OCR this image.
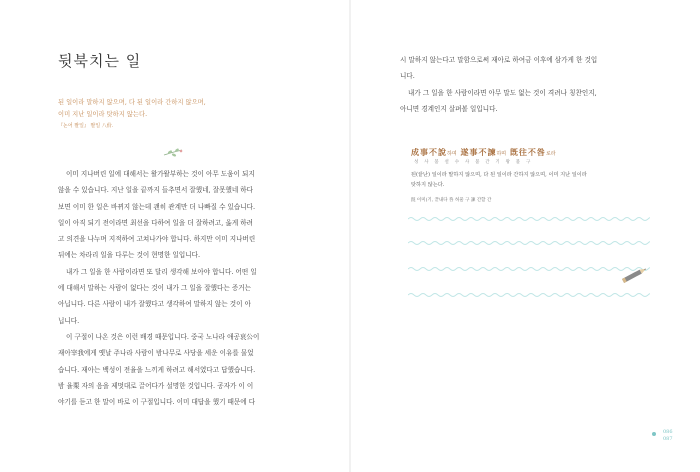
뒷북치는 일
된 일이라 말하지 않으며, 다 된 일이라 간하지 않으며,
이미 지난 일이라 탓하지 않는다.
『논어 팔일』 팔일 八佾.

이미 지나버린 일에 대해서는 왈가왈부하는 것이 아무 도움이 되지

않을 수 있습니다. 지난 일을 끝까지 들추면서 잘했네, 잘못했네 하다

보면 이미 한 일은 바뀌지 않는데 괜히 관계만 더 나빠질 수 있습니다.

일이 아직 되기 전이라면 최선을 다하여 일을 더 잘하려고, 옳게 하려

고 의견을 나누며 지적하여 고쳐나가야 합니다. 하지만 이미 지나버린

뒤에는 차라리 일을 다루는 것이 현명한 일입니다.

내가 그 일을 한 사람이라면 또 달리 생각해 보아야 합니다. 어떤 일

에 대해서 말하는 사람이 없다는 것이 내가 그 일을 잘했다는 증거는

아닙니다. 다른 사람이 내가 잘했다고 생각하여 말하지 않는 것이 아

닙니다.

이 구절이 나온 것은 이런 배경 때문입니다. 중국 노나라 애공哀公이

재아宰我에게 옛날 주나라 사람이 밤나무로 사당을 세운 이유를 물었

습니다. 재아는 백성이 전율을 느끼게 하려고 해서였다고 답했습니다.

밤 율栗 자의 음을 제멋대로 끌어다가 설명한 것입니다. 공자가 이 이

야기를 듣고 한 말이 바로 이 구절입니다. 이미 대답을 했기 때문에 다

시 말하지 않는다고 말함으로써 재아로 하여금 이후에 삼가게 한 것입

니다.

내가 그 일을 한 사람이라면 아무 말도 없는 것이 격려나 칭찬인지,

아니면 경계인지 살펴볼 일입니다.

成事不說하며 遂事不諫하며 旣往不咎로라
성 사 불 설 수 사 불 간 기 왕 불 구
된(끝난) 일이라 말하지 않으며, 다 된 일이라 간하지 않으며, 이미 지난 일이라
탓하지 않는다.
旣 이미(기, 끝내다 咎 허물 구 諫 간할 간
086
087
